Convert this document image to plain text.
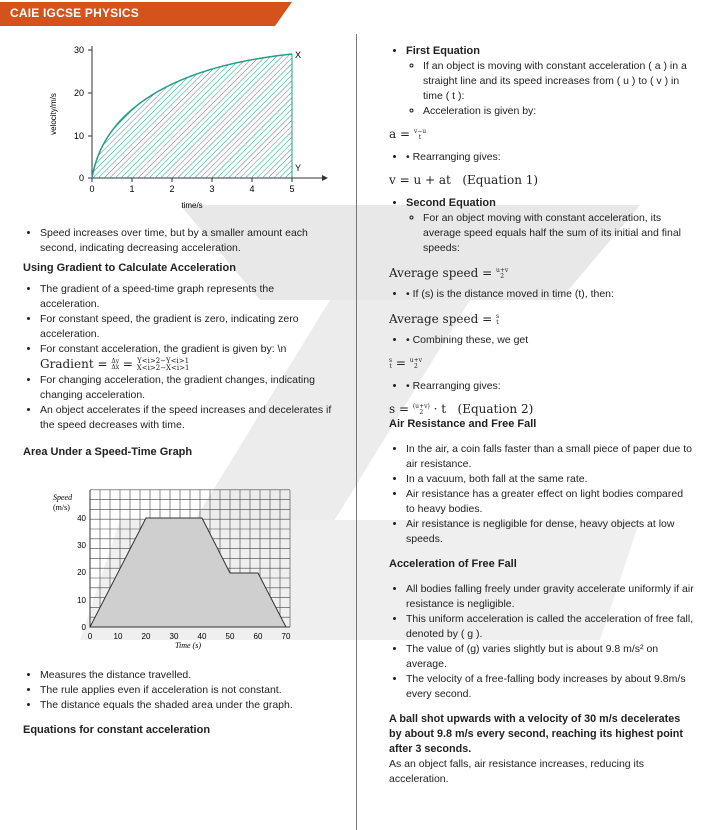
CAIE IGCSE PHYSICS
0
10
20
30
0	1	2	3	4	5
X
Y
velocity/m/s
time/s
• Speed increases over time, but by a smaller amount each second, indicating decreasing acceleration.
Using Gradient to Calculate Acceleration
• The gradient of a speed-time graph represents the acceleration.
• For constant speed, the gradient is zero, indicating zero acceleration.
• For constant acceleration, the gradient is given by: \n
Gradient = Δy
Δx = Y<i>2−Y<i>1
X<i>2−X<i>1
• For changing acceleration, the gradient changes, indicating changing acceleration.
• An object accelerates if the speed increases and decelerates if the speed decreases with time.
Area Under a Speed-Time Graph
Speed
(m/s)
0
10
20
30
40
0	10 20 30 40 50 60 70
Time (s)
• Measures the distance travelled.
• The rule applies even if acceleration is not constant.
• The distance equals the shaded area under the graph.
Equations for constant acceleration
• First Equation
◦ If an object is moving with constant acceleration ( a ) in a straight line and its speed increases from ( u ) to ( v ) in time ( t ):
◦ Acceleration is given by:
a = v−u
t
• • Rearranging gives:
v = u + at (Equation 1)
• Second Equation
◦ For an object moving with constant acceleration, its average speed equals half the sum of its initial and final speeds:
Average speed = u+v
2
• • If (s) is the distance moved in time (t), then:
Average speed = s
t
• • Combining these, we get
s
t = u+v
2
• • Rearranging gives:
s = (u+v)
2 · t   (Equation 2)
Air Resistance and Free Fall
• In the air, a coin falls faster than a small piece of paper due to air resistance.
• In a vacuum, both fall at the same rate.
• Air resistance has a greater effect on light bodies compared to heavy bodies.
• Air resistance is negligible for dense, heavy objects at low speeds.
Acceleration of Free Fall
• All bodies falling freely under gravity accelerate uniformly if air resistance is negligible.
• This uniform acceleration is called the acceleration of free fall, denoted by ( g ).
• The value of (g) varies slightly but is about 9.8 m/s² on average.
• The velocity of a free-falling body increases by about 9.8m/s every second.
A ball shot upwards with a velocity of 30 m/s decelerates by about 9.8 m/s every second, reaching its highest point after 3 seconds.
As an object falls, air resistance increases, reducing its acceleration.
